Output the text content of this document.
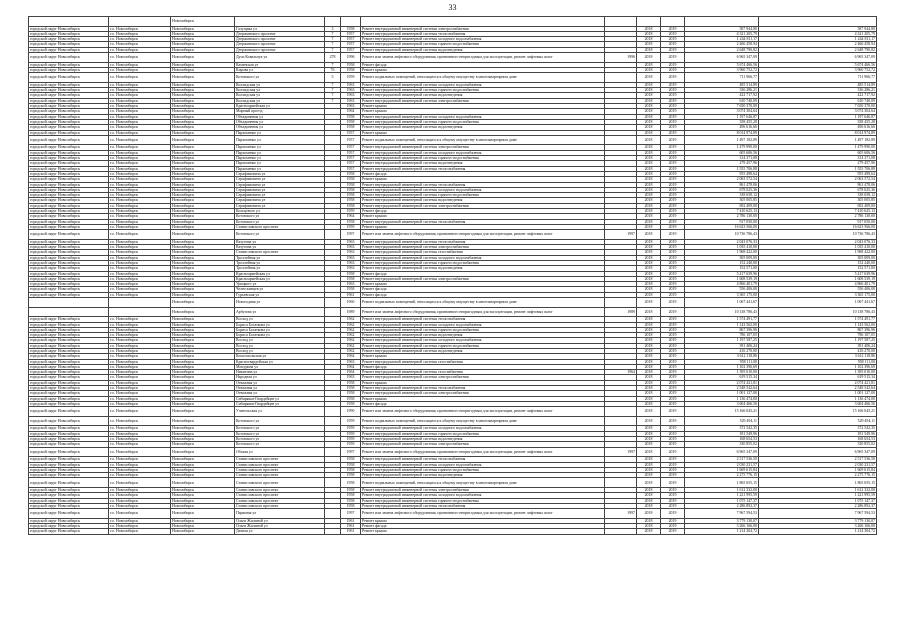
33
		Новосибирск									
городской округ Новосибирск	г.о. Новосибирск	Новосибирск	Галущака ул	3	1958	Ремонт внутридомовой инженерной системы электроснабжения		2018	2019	587 944,80	587 944,80
городской округ Новосибирск	г.о. Новосибирск	Новосибирск	Дзержинского проспект	7	1957	Ремонт внутридомовой инженерной системы теплоснабжения		2018	2019	4 321 205,79	4 321 205,79
городской округ Новосибирск	г.о. Новосибирск	Новосибирск	Дзержинского проспект	7	1957	Ремонт внутридомовой инженерной системы холодного водоснабжения		2018	2019	1 244 811,17	1 244 811,17
городской округ Новосибирск	г.о. Новосибирск	Новосибирск	Дзержинского проспект	7	1957	Ремонт внутридомовой инженерной системы горячего водоснабжения		2018	2019	2 466 458,94	2 466 458,94
городской округ Новосибирск	г.о. Новосибирск	Новосибирск	Дзержинского проспект	7	1957	Ремонт внутридомовой инженерной системы водоотведения		2018	2019	2 648 790,82	2 648 790,82
городской округ Новосибирск	г.о. Новосибирск	Новосибирск	Дуси Ковальчук ул	278	1996	Ремонт или замена лифтового оборудования, признанного непригодным для эксплуатации, ремонт лифтовых шахт	1996	2018	2019	6 965 347,09	6 965 347,09
городской округ Новосибирск	г.о. Новосибирск	Новосибирск	Каменская ул	7	1958	Ремонт фасада		2018	2019	5 674 466,56	5 674 466,56
городской округ Новосибирск	г.о. Новосибирск	Новосибирск	Кирова ул	76	1958	Ремонт крыши		2018	2019	3 960 752,72	3 960 752,72
городской округ Новосибирск	г.о. Новосибирск	Новосибирск	Котовского ул	5	1959	Ремонт подвальных помещений, относящихся к общему имуществу в многоквартирном доме		2018	2019	711 966,77	711 966,77
городской округ Новосибирск	г.о. Новосибирск	Новосибирск	Колхидская ул	7	1963	Ремонт внутридомовой инженерной системы холодного водоснабжения		2018	2019	485 514,89	485 514,89
городской округ Новосибирск	г.о. Новосибирск	Новосибирск	Колхидская ул	7	1963	Ремонт внутридомовой инженерной системы горячего водоснабжения		2018	2019	336 286,21	336 286,21
городской округ Новосибирск	г.о. Новосибирск	Новосибирск	Колхидская ул	7	1963	Ремонт внутридомовой инженерной системы водоотведения		2018	2019	422 717,92	422 717,92
городской округ Новосибирск	г.о. Новосибирск	Новосибирск	Колхидская ул	7	1963	Ремонт внутридомовой инженерной системы электроснабжения		2018	2019	610 740,09	610 740,09
городской округ Новосибирск	г.о. Новосибирск	Новосибирск	Красноармейская ул		1963	Ремонт крыши		2018	2019	7 650 370,00	7 650 370,00
городской округ Новосибирск	г.о. Новосибирск	Новосибирск	Мирный проезд		1964	Ремонт крыши		2018	2019	3 074 304,64	3 074 304,64
городской округ Новосибирск	г.о. Новосибирск	Новосибирск	Объединения ул		1958	Ремонт внутридомовой инженерной системы холодного водоснабжения		2018	2019	1 197 646,87	1 197 646,87
городской округ Новосибирск	г.о. Новосибирск	Новосибирск	Объединения ул		1958	Ремонт внутридомовой инженерной системы горячего водоснабжения		2018	2019	358 455,28	358 455,28
городской округ Новосибирск	г.о. Новосибирск	Новосибирск	Объединения ул		1958	Ремонт внутридомовой инженерной системы водоотведения		2018	2019	496 616,66	496 616,66
городской округ Новосибирск	г.о. Новосибирск	Новосибирск	Пархоменко ул		1957	Ремонт крыши		2018	2019	8 014 974,89	8 014 974,89
городской округ Новосибирск	г.о. Новосибирск	Новосибирск	Пархоменко ул		1957	Ремонт подвальных помещений, относящихся к общему имуществу в многоквартирном доме		2018	2019	1 497 182,89	1 497 182,89
городской округ Новосибирск	г.о. Новосибирск	Новосибирск	Пархоменко ул		1957	Ремонт внутридомовой инженерной системы электроснабжения		2018	2019	1 479 990,00	1 479 990,00
городской округ Новосибирск	г.о. Новосибирск	Новосибирск	Пархоменко ул		1957	Ремонт внутридомовой инженерной системы холодного водоснабжения		2018	2019	605 606,56	605 606,56
городской округ Новосибирск	г.о. Новосибирск	Новосибирск	Пархоменко ул		1957	Ремонт внутридомовой инженерной системы горячего водоснабжения		2018	2019	314 371,08	314 371,08
городской округ Новосибирск	г.о. Новосибирск	Новосибирск	Пархоменко ул		1957	Ремонт внутридомовой инженерной системы водоотведения		2018	2019	279 457,96	279 457,96
городской округ Новосибирск	г.о. Новосибирск	Новосибирск	Пархоменко ул		1957	Ремонт внутридомовой инженерной системы теплоснабжения		2018	2019	1 555 706,88	1 555 706,88
городской округ Новосибирск	г.о. Новосибирск	Новосибирск	Серафимовича ул		1958	Ремонт фасада		2018	2019	955 498,64	955 498,64
городской округ Новосибирск	г.о. Новосибирск	Новосибирск	Серафимовича ул		1958	Ремонт крыши		2018	2019	2 063 572,54	2 063 572,54
городской округ Новосибирск	г.о. Новосибирск	Новосибирск	Серафимовича ул		1958	Ремонт внутридомовой инженерной системы теплоснабжения		2018	2019	861 478,06	861 478,06
городской округ Новосибирск	г.о. Новосибирск	Новосибирск	Серафимовича ул		1958	Ремонт внутридомовой инженерной системы холодного водоснабжения		2018	2019	678 025,36	678 025,36
городской округ Новосибирск	г.о. Новосибирск	Новосибирск	Серафимовича ул		1958	Ремонт внутридомовой инженерной системы горячего водоснабжения		2018	2019	338 658,12	338 658,12
городской округ Новосибирск	г.о. Новосибирск	Новосибирск	Серафимовича ул		1958	Ремонт внутридомовой инженерной системы водоотведения		2018	2019	305 005,85	305 005,85
городской округ Новосибирск	г.о. Новосибирск	Новосибирск	Серафимовича ул		1958	Ремонт внутридомовой инженерной системы электроснабжения		2018	2019	692 409,00	692 409,00
городской округ Новосибирск	г.о. Новосибирск	Новосибирск	Кольцевого ул		1959	Ремонт фасада		2018	2019	7 410 625,13	7 410 625,13
городской округ Новосибирск	г.о. Новосибирск	Новосибирск	Котовского ул		1964	Ремонт крыши		2018	2019	2 786 130,00	2 786 130,00
городской округ Новосибирск	г.о. Новосибирск	Новосибирск	Котовского ул		1958	Ремонт внутридомовой инженерной системы теплоснабжения		2018	2019	917 050,00	917 050,00
городской округ Новосибирск	г.о. Новосибирск	Новосибирск	Станиславского проспект		1959	Ремонт крыши		2018	2019	16 623 566,00	16 623 566,00
городской округ Новосибирск	г.о. Новосибирск	Новосибирск	Котовского ул		1997	Ремонт или замена лифтового оборудования, признанного непригодным для эксплуатации, ремонт лифтовых шахт	1997	2018	2019	10 736 786,43	10 736 786,43
городской округ Новосибирск	г.о. Новосибирск	Новосибирск	Ватутина ул		1963	Ремонт внутридомовой инженерной системы теплоснабжения		2018	2019	2 043 076,33	2 043 076,33
городской округ Новосибирск	г.о. Новосибирск	Новосибирск	Ватутина ул		1963	Ремонт внутридомовой инженерной системы электроснабжения		2018	2019	1 035 410,00	1 035 410,00
городской округ Новосибирск	г.о. Новосибирск	Новосибирск	Станиславского проспект		1963	Ремонт внутридомовой инженерной системы газоснабжения		2018	2019	1 968 422,00	1 968 422,00
городской округ Новосибирск	г.о. Новосибирск	Новосибирск	Троллейная ул		1963	Ремонт внутридомовой инженерной системы холодного водоснабжения		2018	2019	305 009,00	305 009,00
городской округ Новосибирск	г.о. Новосибирск	Новосибирск	Троллейная ул		1963	Ремонт внутридомовой инженерной системы горячего водоснабжения		2018	2019	152 240,00	152 240,00
городской округ Новосибирск	г.о. Новосибирск	Новосибирск	Троллейная ул		1963	Ремонт внутридомовой инженерной системы водоотведения		2018	2019	152 571,00	152 571,00
городской округ Новосибирск	г.о. Новосибирск	Новосибирск	Красноармейская ул		1958	Ремонт фасада		2018	2019	5 417 639,96	5 417 639,96
городской округ Новосибирск	г.о. Новосибирск	Новосибирск	Красноармейская ул		1958	Ремонт внутридомовой инженерной системы электроснабжения		2018	2019	1 608 539,19	1 608 539,19
городской округ Новосибирск	г.о. Новосибирск	Новосибирск	Урицкого ул		1963	Ремонт крыши		2018	2019	4 866 401,79	4 866 401,79
городской округ Новосибирск	г.о. Новосибирск	Новосибирск	Челюскинцев ул		1958	Ремонт фасада		2018	2019	556 406,00	556 406,00
городской округ Новосибирск	г.о. Новосибирск	Новосибирск	Гурьевская ул		1961	Ремонт фасада		2018	2019	3 365 175,00	3 365 175,00
		Новосибирск	Новогодняя ул		1960	Ремонт подвальных помещений, относящихся к общему имуществу в многоквартирном доме		2018	2019	1 067 441,67	1 067 441,67
		Новосибирск	Арбузова ул		1989	Ремонт или замена лифтового оборудования, признанного непригодным для эксплуатации, ремонт лифтовых шахт	1989	2018	2019	10 138 786,43	10 138 786,43
городской округ Новосибирск	г.о. Новосибирск	Новосибирск	Восход ул		1962	Ремонт внутридомовой инженерной системы теплоснабжения		2018	2019	1 574 491,77	1 574 491,77
городской округ Новосибирск	г.о. Новосибирск	Новосибирск	Бориса Богаткова ул		1962	Ремонт внутридомовой инженерной системы холодного водоснабжения		2018	2019	1 143 562,00	1 143 562,00
городской округ Новосибирск	г.о. Новосибирск	Новосибирск	Бориса Богаткова ул		1962	Ремонт внутридомовой инженерной системы горячего водоснабжения		2018	2019	867 396,96	867 396,96
городской округ Новосибирск	г.о. Новосибирск	Новосибирск	Бориса Богаткова ул		1962	Ремонт внутридомовой инженерной системы водоотведения		2018	2019	786 107,05	786 107,05
городской округ Новосибирск	г.о. Новосибирск	Новосибирск	Восход ул		1962	Ремонт внутридомовой инженерной системы холодного водоснабжения		2018	2019	1 197 587,25	1 197 587,25
городской округ Новосибирск	г.о. Новосибирск	Новосибирск	Восход ул		1962	Ремонт внутридомовой инженерной системы горячего водоснабжения		2018	2019	391 406,24	391 406,24
городской округ Новосибирск	г.о. Новосибирск	Новосибирск	Восход ул		1962	Ремонт внутридомовой инженерной системы водоотведения		2018	2019	416 270,00	416 270,00
городской округ Новосибирск	г.о. Новосибирск	Новосибирск	Комсомольская ул		1964	Ремонт крыши		2018	2019	3 612 118,86	3 612 118,86
городской округ Новосибирск	г.о. Новосибирск	Новосибирск	Красногвардейская ул		1963	Ремонт внутридомовой инженерной системы газоснабжения		2018	2019	958 111,00	958 111,00
городской округ Новосибирск	г.о. Новосибирск	Новосибирск	Мичурина ул		1964	Ремонт фасада		2018	2019	1 102 396,69	1 102 396,69
городской округ Новосибирск	г.о. Новосибирск	Новосибирск	Никитина ул		1964	Ремонт внутридомовой инженерной системы газоснабжения	1964	2018	2019	1 395 010,00	1 395 010,00
городской округ Новосибирск	г.о. Новосибирск	Новосибирск	Народная ул		1963	Ремонт внутридомовой инженерной системы электроснабжения		2018	2019	619 515,34	619 515,34
городской округ Новосибирск	г.о. Новосибирск	Новосибирск	Отважная ул		1958	Ремонт крыши		2018	2019	2 074 421,81	2 074 421,81
городской округ Новосибирск	г.о. Новосибирск	Новосибирск	Отважная ул		1958	Ремонт внутридомовой инженерной системы теплоснабжения		2018	2019	2 548 542,64	2 548 542,64
городской округ Новосибирск	г.о. Новосибирск	Новосибирск	Отважная ул		1958	Ремонт внутридомовой инженерной системы электроснабжения		2018	2019	1 001 127,00	1 001 127,00
городской округ Новосибирск	г.о. Новосибирск	Новосибирск	Сибиряков-Гвардейцев ул		1958	Ремонт крыши		2018	2019	1 136 474,00	1 136 474,00
городской округ Новосибирск	г.о. Новосибирск	Новосибирск	Сибиряков-Гвардейцев ул		1958	Ремонт фасада		2018	2019	3 604 466,56	3 604 466,56
городской округ Новосибирск	г.о. Новосибирск	Новосибирск	Учительская ул		1990	Ремонт или замена лифтового оборудования, признанного непригодным для эксплуатации, ремонт лифтовых шахт		2018	2019	15 166 045,21	15 166 045,21
городской округ Новосибирск	г.о. Новосибирск	Новосибирск	Котовского ул		1959	Ремонт подвальных помещений, относящихся к общему имуществу в многоквартирном доме		2018	2019	529 494,11	529 494,11
городской округ Новосибирск	г.о. Новосибирск	Новосибирск	Котовского ул		1959	Ремонт внутридомовой инженерной системы холодного водоснабжения		2018	2019	372 542,35	372 542,35
городской округ Новосибирск	г.о. Новосибирск	Новосибирск	Котовского ул		1959	Ремонт внутридомовой инженерной системы горячего водоснабжения		2018	2019	181 549,96	181 549,96
городской округ Новосибирск	г.о. Новосибирск	Новосибирск	Котовского ул		1959	Ремонт внутридомовой инженерной системы водоотведения		2018	2019	168 654,53	168 654,53
городской округ Новосибирск	г.о. Новосибирск	Новосибирск	Котовского ул		1959	Ремонт внутридомовой инженерной системы электроснабжения		2018	2019	330 855,02	330 855,02
городской округ Новосибирск	г.о. Новосибирск	Новосибирск	Обская ул		1997	Ремонт или замена лифтового оборудования, признанного непригодным для эксплуатации, ремонт лифтовых шахт	1997	2018	2019	6 965 347,09	6 965 347,09
городской округ Новосибирск	г.о. Новосибирск	Новосибирск	Станиславского проспект		1958	Ремонт внутридомовой инженерной системы теплоснабжения		2018	2019	2 517 536,50	2 517 536,50
городской округ Новосибирск	г.о. Новосибирск	Новосибирск	Станиславского проспект		1958	Ремонт внутридомовой инженерной системы холодного водоснабжения		2018	2019	2 030 231,57	2 030 231,57
городской округ Новосибирск	г.о. Новосибирск	Новосибирск	Станиславского проспект		1958	Ремонт внутридомовой инженерной системы горячего водоснабжения		2018	2019	1 669 615,84	1 669 615,84
городской округ Новосибирск	г.о. Новосибирск	Новосибирск	Станиславского проспект		1958	Ремонт внутридомовой инженерной системы водоотведения		2018	2019	2 275 776,15	2 275 776,15
городской округ Новосибирск	г.о. Новосибирск	Новосибирск	Станиславского проспект		1958	Ремонт подвальных помещений, относящихся к общему имуществу в многоквартирном доме		2018	2019	1 865 655,15	1 865 655,15
городской округ Новосибирск	г.о. Новосибирск	Новосибирск	Станиславского проспект		1958	Ремонт внутридомовой инженерной системы электроснабжения		2018	2019	1 612 332,00	1 612 332,00
городской округ Новосибирск	г.о. Новосибирск	Новосибирск	Станиславского проспект		1958	Ремонт внутридомовой инженерной системы холодного водоснабжения		2018	2019	1 221 995,59	1 221 995,59
городской округ Новосибирск	г.о. Новосибирск	Новосибирск	Станиславского проспект		1958	Ремонт внутридомовой инженерной системы горячего водоснабжения		2018	2019	1 075 147,37	1 075 147,37
городской округ Новосибирск	г.о. Новосибирск	Новосибирск	Станиславского проспект		1958	Ремонт внутридомовой инженерной системы теплоснабжения		2018	2019	2 286 892,37	2 286 892,37
городской округ Новосибирск	г.о. Новосибирск	Новосибирск	Парковая ул		1997	Ремонт или замена лифтового оборудования, признанного непригодным для эксплуатации, ремонт лифтовых шахт	1997	2018	2019	7 967 594,53	7 967 594,53
городской округ Новосибирск	г.о. Новосибирск	Новосибирск	Ольги Жилиной ул		1961	Ремонт крыши		2018	2019	3 779 130,07	3 779 130,07
городской округ Новосибирск	г.о. Новосибирск	Новосибирск	Ольги Жилиной ул		1961	Ремонт фасада		2018	2019	3 266 166,00	3 266 166,00
городской округ Новосибирск	г.о. Новосибирск	Новосибирск	Дачная ул		1961	Ремонт крыши		2018	2019	1 214 304,72	1 214 304,72
